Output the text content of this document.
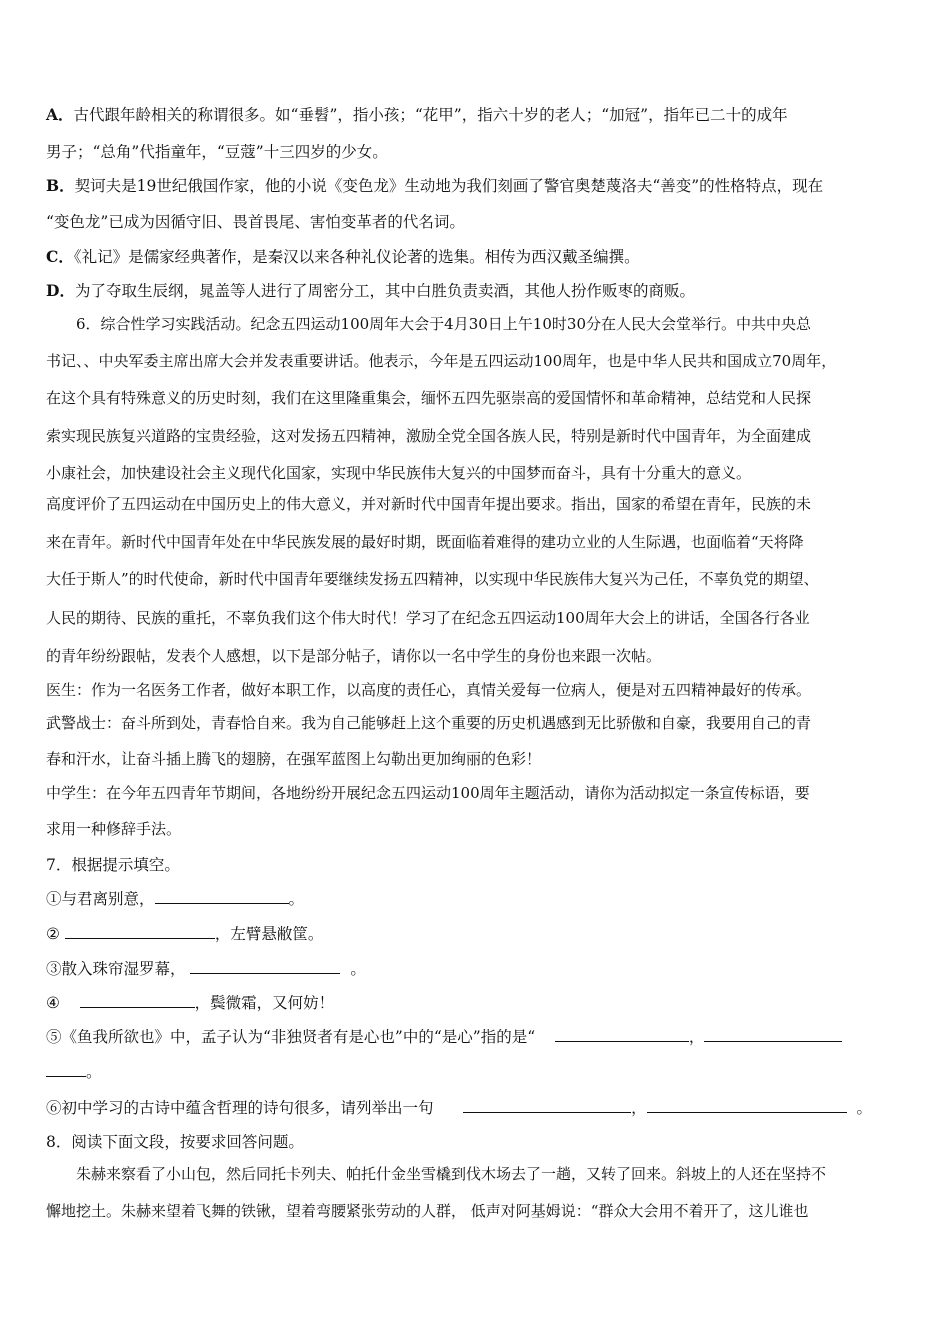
A．古代跟年龄相关的称谓很多。如“垂髫”，指小孩；“花甲”，指六十岁的老人；“加冠”，指年已二十的成年
男子；“总角”代指童年，“豆蔻”十三四岁的少女。
B．契诃夫是19世纪俄国作家，他的小说《变色龙》生动地为我们刻画了警官奥楚蔑洛夫“善变”的性格特点，现在
“变色龙”已成为因循守旧、畏首畏尾、害怕变革者的代名词。
C．《礼记》是儒家经典著作，是秦汉以来各种礼仪论著的选集。相传为西汉戴圣编撰。
D．为了夺取生辰纲，晁盖等人进行了周密分工，其中白胜负责卖酒，其他人扮作贩枣的商贩。
6．综合性学习实践活动。纪念五四运动100周年大会于4月30日上午10时30分在人民大会堂举行。中共中央总
书记、、中央军委主席出席大会并发表重要讲话。他表示，今年是五四运动100周年，也是中华人民共和国成立70周年，
在这个具有特殊意义的历史时刻，我们在这里隆重集会，缅怀五四先驱崇高的爱国情怀和革命精神，总结党和人民探
索实现民族复兴道路的宝贵经验，这对发扬五四精神，激励全党全国各族人民，特别是新时代中国青年，为全面建成
小康社会，加快建设社会主义现代化国家，实现中华民族伟大复兴的中国梦而奋斗，具有十分重大的意义。
高度评价了五四运动在中国历史上的伟大意义，并对新时代中国青年提出要求。指出，国家的希望在青年，民族的未
来在青年。新时代中国青年处在中华民族发展的最好时期，既面临着难得的建功立业的人生际遇，也面临着“天将降
大任于斯人”的时代使命，新时代中国青年要继续发扬五四精神，以实现中华民族伟大复兴为己任，不辜负党的期望、
人民的期待、民族的重托，不辜负我们这个伟大时代！学习了在纪念五四运动100周年大会上的讲话，全国各行各业
的青年纷纷跟帖，发表个人感想，以下是部分帖子，请你以一名中学生的身份也来跟一次帖。
医生：作为一名医务工作者，做好本职工作，以高度的责任心，真情关爱每一位病人，便是对五四精神最好的传承。
武警战士：奋斗所到处，青春恰自来。我为自己能够赶上这个重要的历史机遇感到无比骄傲和自豪，我要用自己的青
春和汗水，让奋斗插上腾飞的翅膀，在强军蓝图上勾勒出更加绚丽的色彩！
中学生：在今年五四青年节期间，各地纷纷开展纪念五四运动100周年主题活动，请你为活动拟定一条宣传标语，要
求用一种修辞手法。
7．根据提示填空。
①与君离别意，	。
②	，左臂悬敝筐。
③散入珠帘湿罗幕，	。
④	，鬓微霜，又何妨！
⑤《鱼我所欲也》中，孟子认为“非独贤者有是心也”中的“是心”指的是“	，
。
⑥初中学习的古诗中蕴含哲理的诗句很多，请列举出一句	，	。
8．阅读下面文段，按要求回答问题。
朱赫来察看了小山包，然后同托卡列夫、帕托什金坐雪橇到伐木场去了一趟，又转了回来。斜坡上的人还在坚持不
懈地挖土。朱赫来望着飞舞的铁锹，望着弯腰紧张劳动的人群， 低声对阿基姆说：“群众大会用不着开了，这儿谁也
